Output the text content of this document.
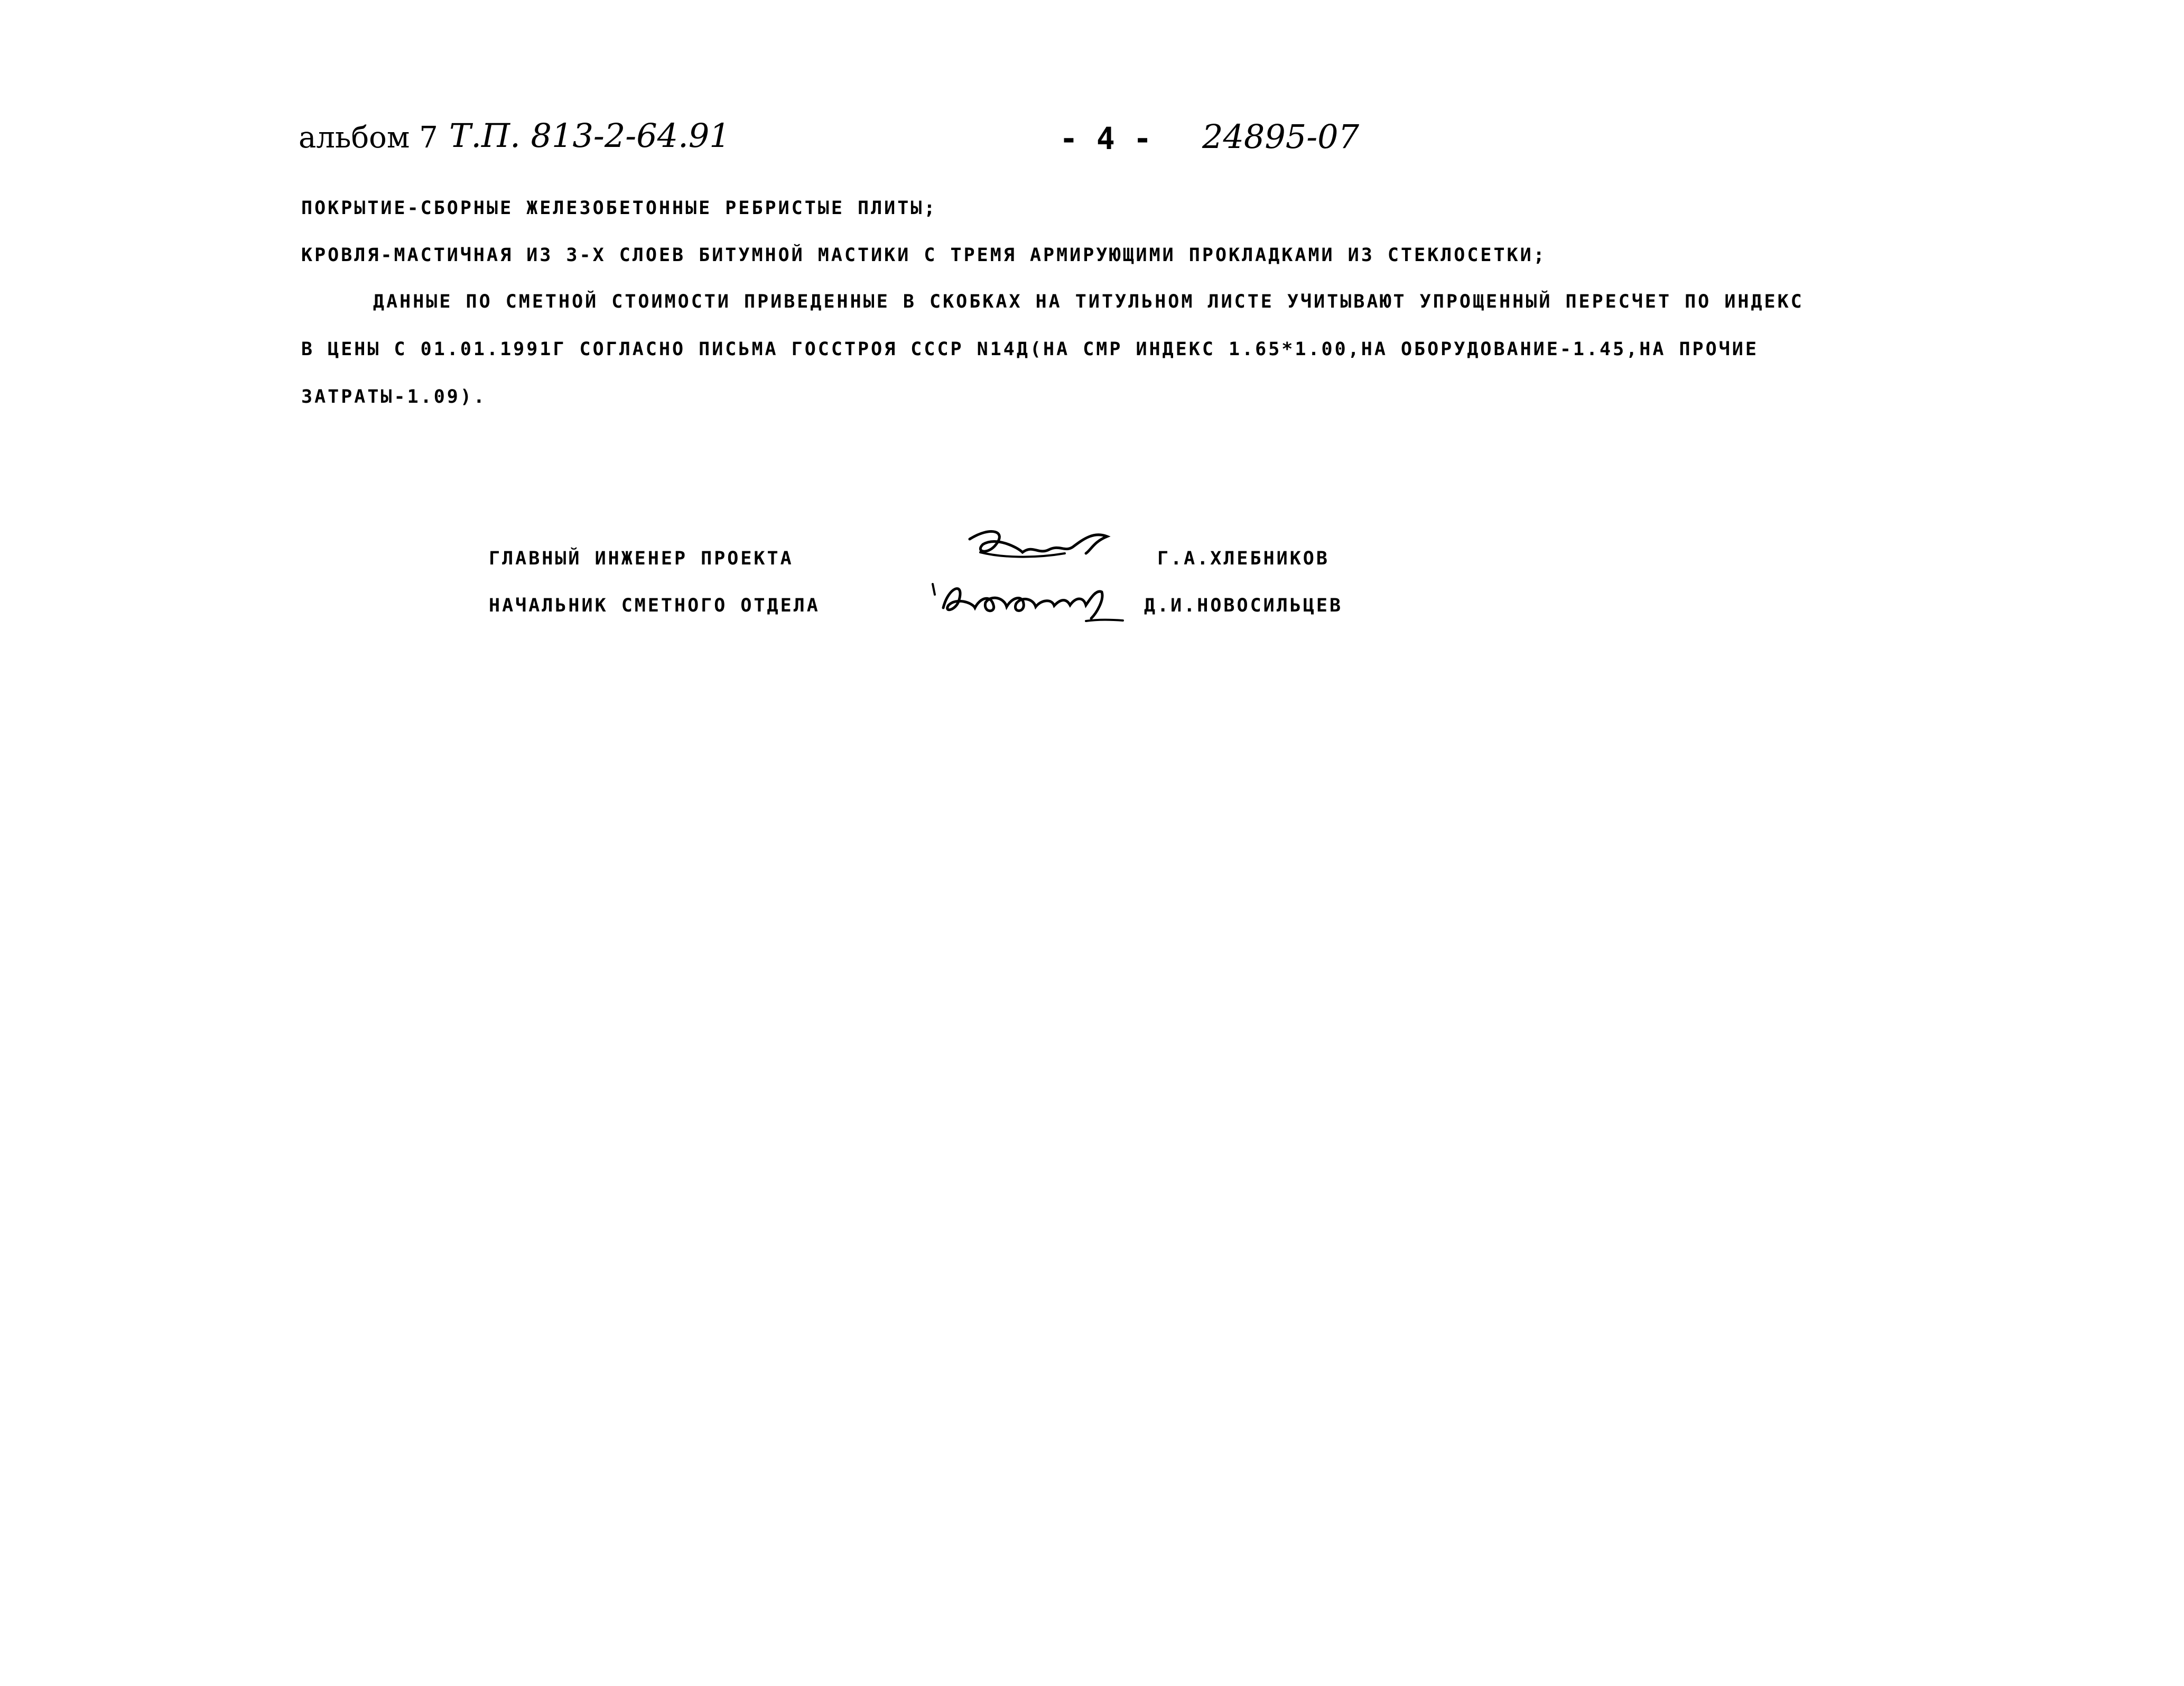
альбом 7 Т.П. 813-2-64.91	- 4 - 24895-07
ПОКРЫТИЕ-СБОРНЫЕ ЖЕЛЕЗОБЕТОННЫЕ РЕБРИСТЫЕ ПЛИТЫ;
КРОВЛЯ-МАСТИЧНАЯ ИЗ 3-Х СЛОЕВ БИТУМНОЙ МАСТИКИ С ТРЕМЯ АРМИРУЮЩИМИ ПРОКЛАДКАМИ ИЗ СТЕКЛОСЕТКИ;
ДАННЫЕ ПО СМЕТНОЙ СТОИМОСТИ ПРИВЕДЕННЫЕ В СКОБКАХ НА ТИТУЛЬНОМ ЛИСТЕ УЧИТЫВАЮТ УПРОЩЕННЫЙ ПЕРЕСЧЕТ ПО ИНДЕКС
В ЦЕНЫ С 01.01.1991Г СОГЛАСНО ПИСЬМА ГОССТРОЯ СССР N14Д(НА СМР ИНДЕКС 1.65*1.00,НА ОБОРУДОВАНИЕ-1.45,НА ПРОЧИЕ
ЗАТРАТЫ-1.09).
ГЛАВНЫЙ ИНЖЕНЕР ПРОЕКТА	Г.А.ХЛЕБНИКОВ
НАЧАЛЬНИК СМЕТНОГО ОТДЕЛА	Д.И.НОВОСИЛЬЦЕВ
